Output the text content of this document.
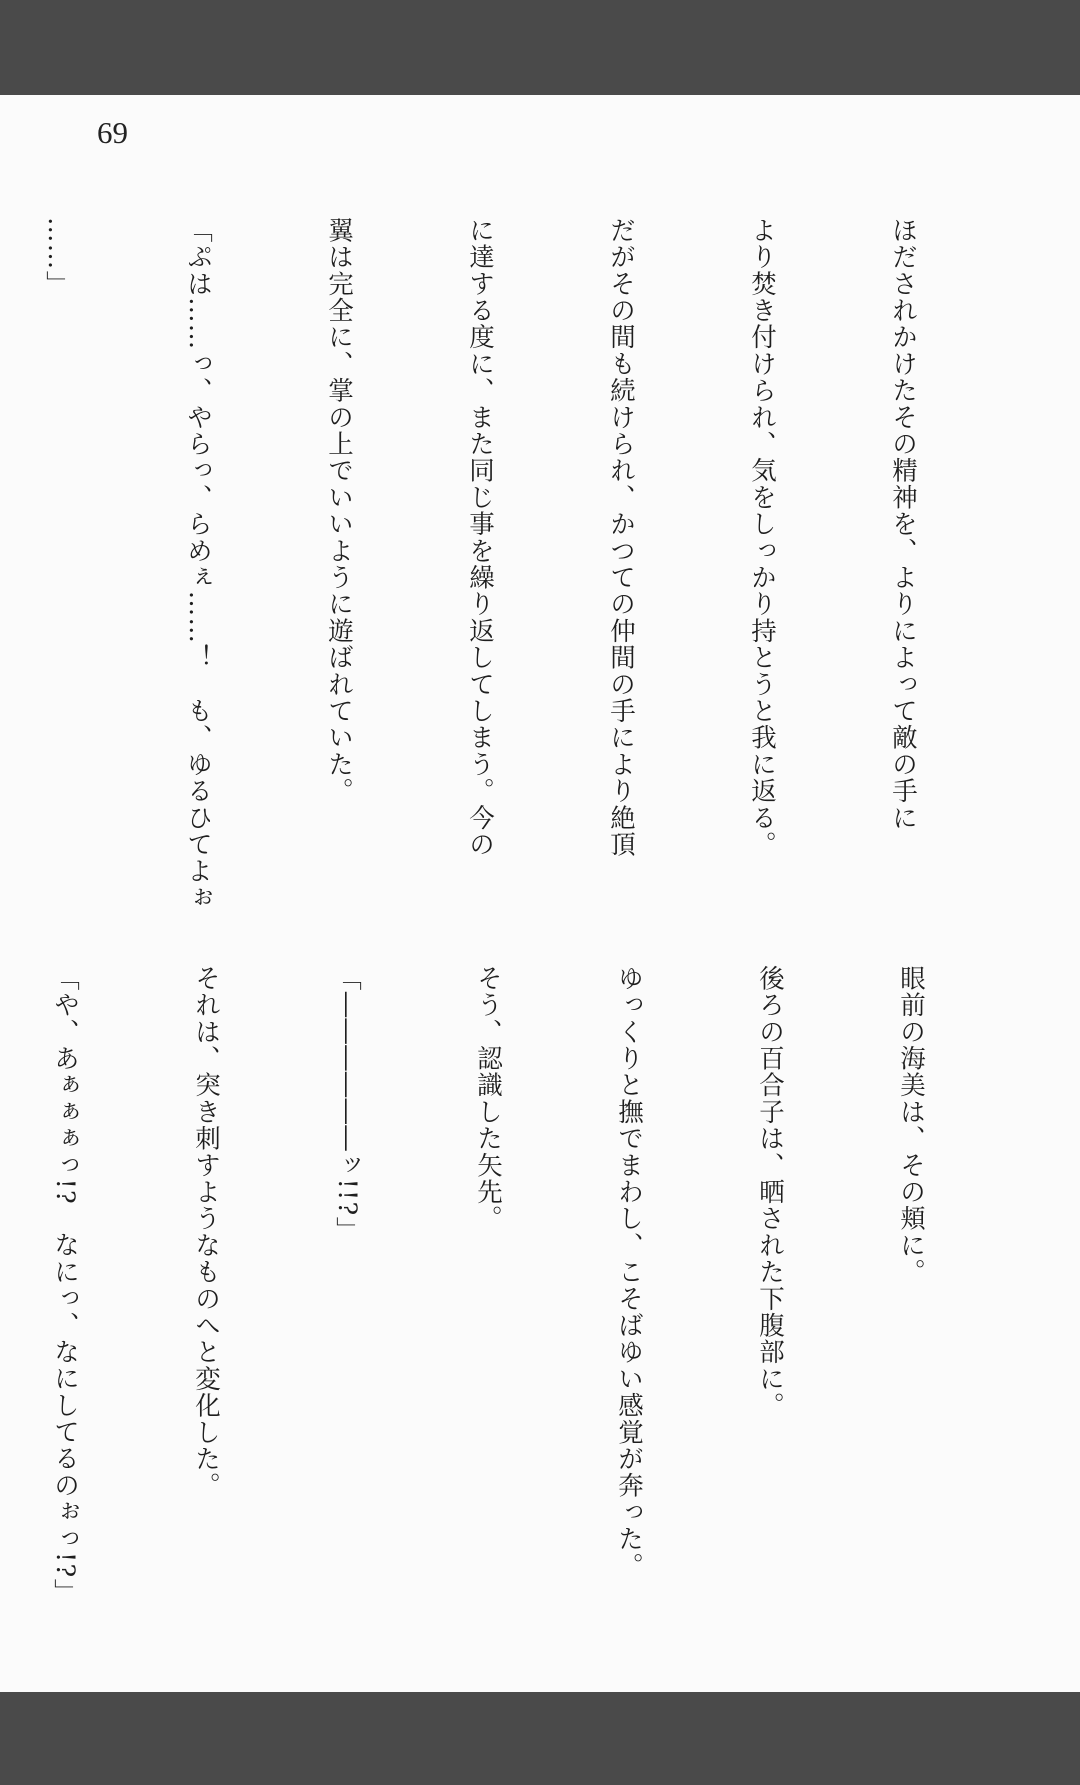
69

ほだされかけたその精神を、よりによって敵の手に

より焚き付けられ、気をしっかり持とうと我に返る。

だがその間も続けられ、かつての仲間の手により絶頂

に達する度に、また同じ事を繰り返してしまう。今の

翼は完全に、掌の上でいいように遊ばれていた。

「ぷは……っ、やらっ、らめぇ……！　も、ゆるひてよぉ

……」

眼前の海美は、その頬に。

後ろの百合子は、晒された下腹部に。

ゆっくりと撫でまわし、こそばゆい感覚が奔った。

そう、認識した矢先。

「――――――ッ!!?」

それは、突き刺すようなものへと変化した。

「や、あぁぁぁっ!?　なにっ、なにしてるのぉっ!?」
